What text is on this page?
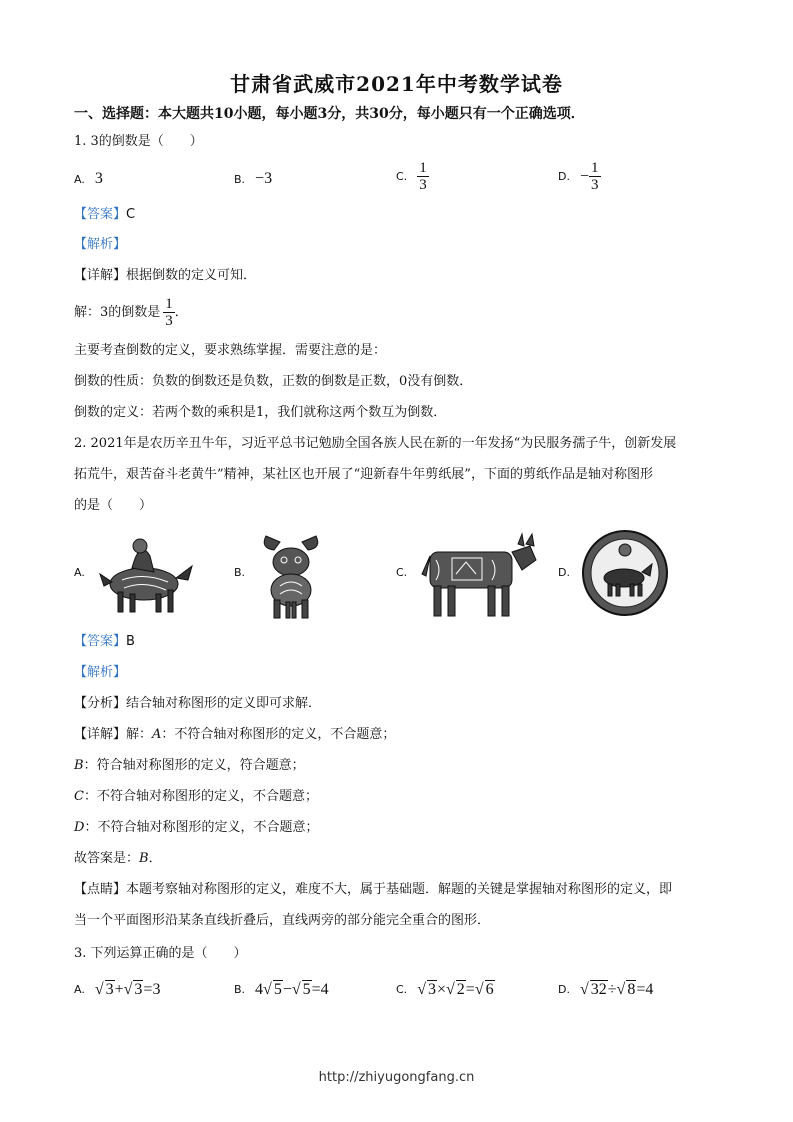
甘肃省武威市2021年中考数学试卷
一、选择题：本大题共10小题，每小题3分，共30分，每小题只有一个正确选项．
1. 3的倒数是（　　）
A. 3	B. −3	C. $\frac{1}{3}$	D. − $\frac{1}{3}$
【答案】C
【解析】
【详解】根据倒数的定义可知．
解：3的倒数是 $\frac{1}{3}$ ．
主要考查倒数的定义，要求熟练掌握．需要注意的是：
倒数的性质：负数的倒数还是负数，正数的倒数是正数，0没有倒数．
倒数的定义：若两个数的乘积是1，我们就称这两个数互为倒数．
2. 2021年是农历辛丑牛年，习近平总书记勉励全国各族人民在新的一年发扬“为民服务孺子牛，创新发展
拓荒牛，艰苦奋斗老黄牛”精神，某社区也开展了“迎新春牛年剪纸展”，下面的剪纸作品是轴对称图形
的是（　　）
A.	B.	C.	D.
【答案】B
【解析】
【分析】结合轴对称图形的定义即可求解．
【详解】解：A：不符合轴对称图形的定义，不合题意；
B：符合轴对称图形的定义，符合题意；
C：不符合轴对称图形的定义，不合题意；
D：不符合轴对称图形的定义，不合题意；
故答案是：B．
【点睛】本题考察轴对称图形的定义，难度不大，属于基础题．解题的关键是掌握轴对称图形的定义，即
当一个平面图形沿某条直线折叠后，直线两旁的部分能完全重合的图形．
3. 下列运算正确的是（　　）
A. √ 3+√ 3=3	B. 4√ 5−√ 5=4	C. √ 3×√ 2=√ 6	D. √ 32÷√ 8=4
http://zhiyugongfang.cn
